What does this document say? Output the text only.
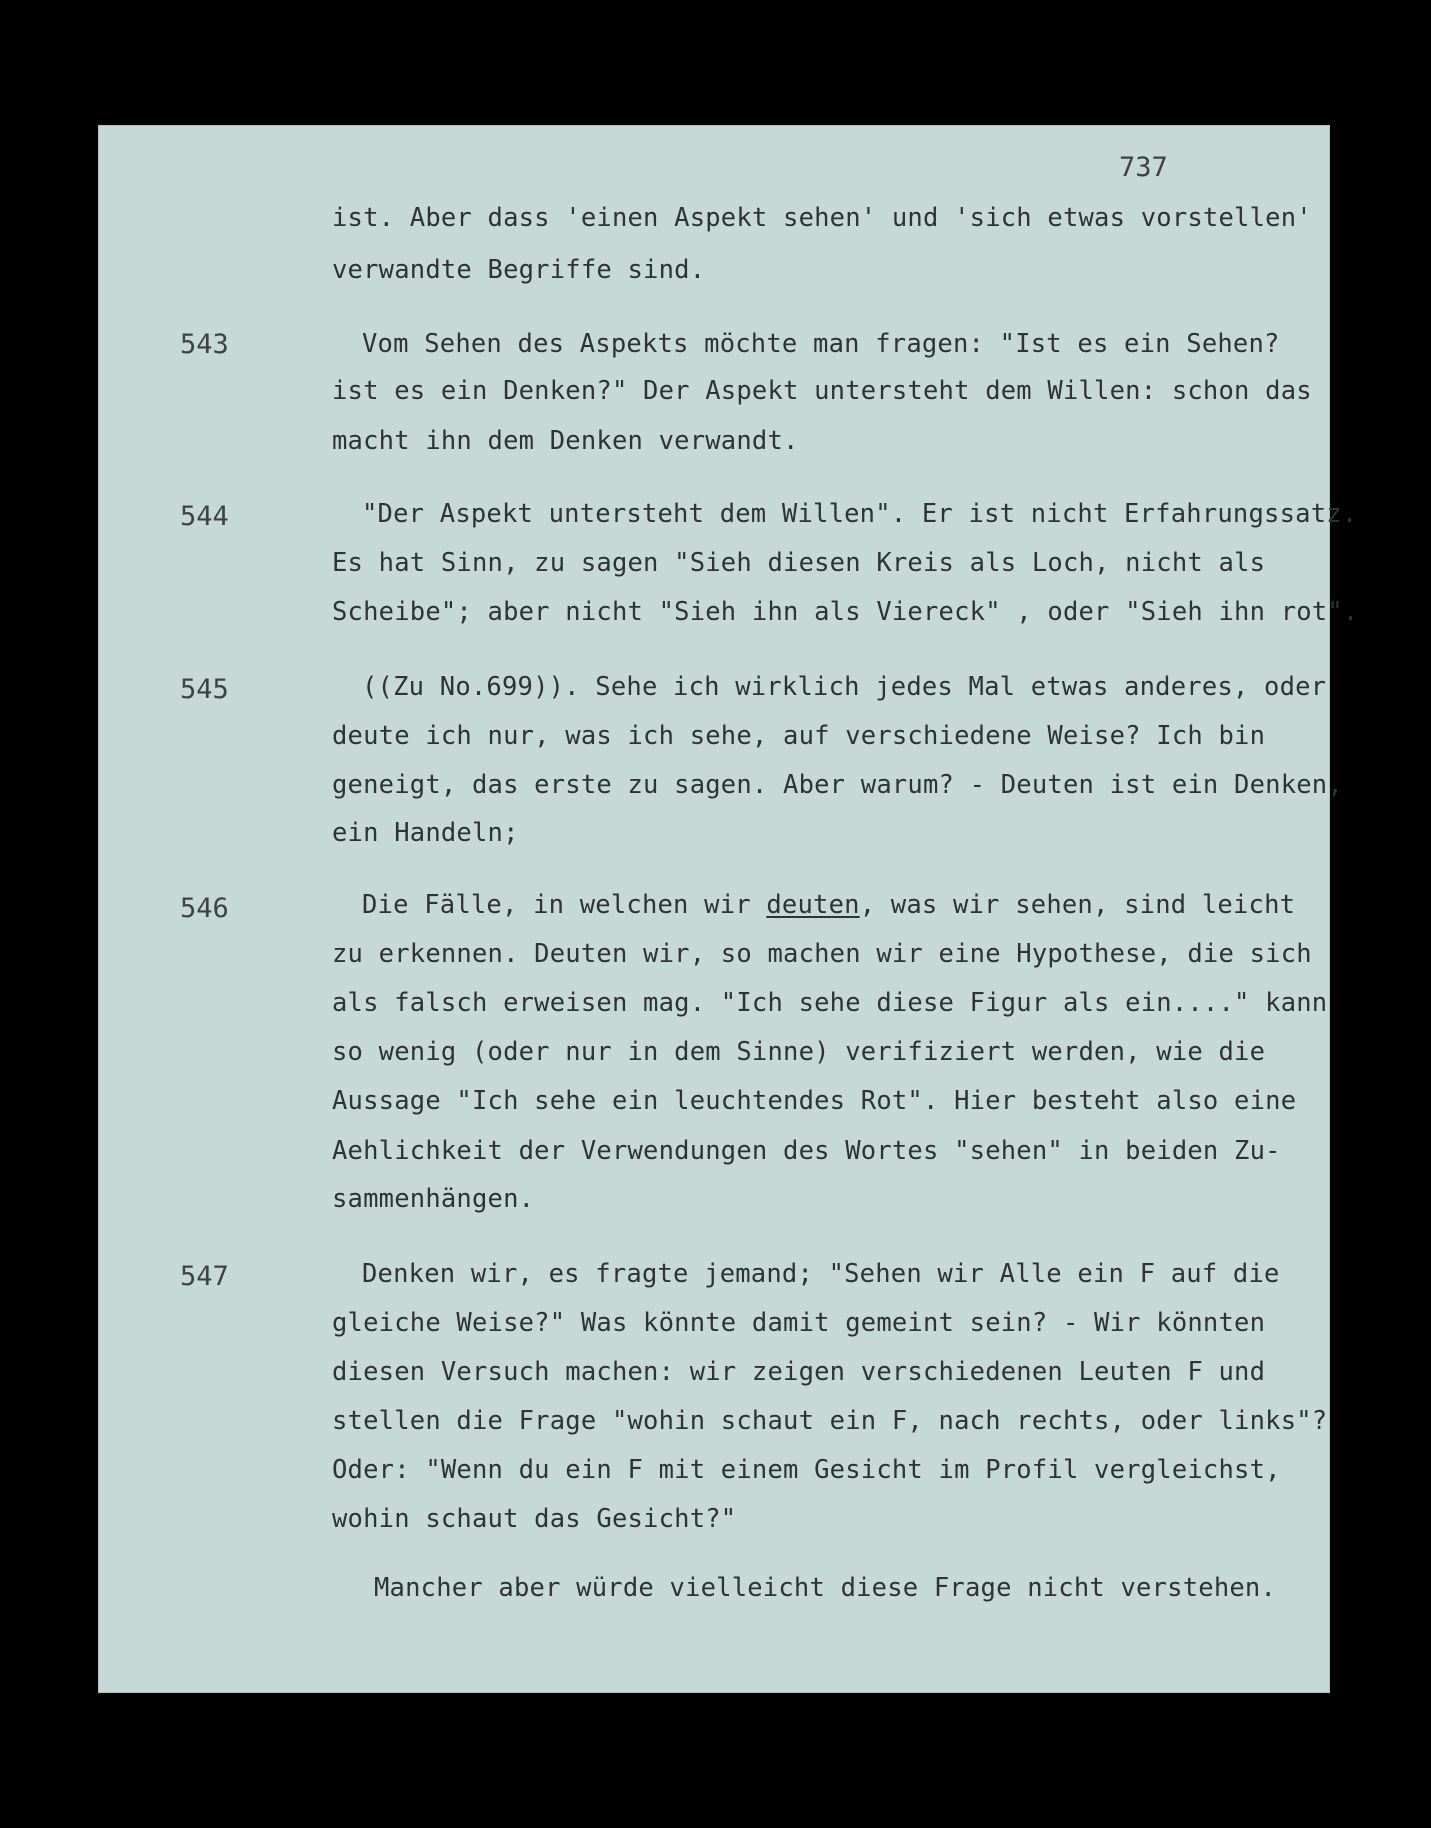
737
ist. Aber dass 'einen Aspekt sehen' und 'sich etwas vorstellen'
verwandte Begriffe sind.
543	Vom Sehen des Aspekts möchte man fragen: "Ist es ein Sehen?
ist es ein Denken?" Der Aspekt untersteht dem Willen: schon das
macht ihn dem Denken verwandt.
544	"Der Aspekt untersteht dem Willen". Er ist nicht Erfahrungssatz.
Es hat Sinn, zu sagen "Sieh diesen Kreis als Loch, nicht als
Scheibe"; aber nicht "Sieh ihn als Viereck" , oder "Sieh ihn rot".
545	((Zu No.699)). Sehe ich wirklich jedes Mal etwas anderes, oder
deute ich nur, was ich sehe, auf verschiedene Weise? Ich bin
geneigt, das erste zu sagen. Aber warum? - Deuten ist ein Denken,
ein Handeln;
546	Die Fälle, in welchen wir deuten, was wir sehen, sind leicht
zu erkennen. Deuten wir, so machen wir eine Hypothese, die sich
als falsch erweisen mag. "Ich sehe diese Figur als ein...." kann
so wenig (oder nur in dem Sinne) verifiziert werden, wie die
Aussage "Ich sehe ein leuchtendes Rot". Hier besteht also eine
Aehlichkeit der Verwendungen des Wortes "sehen" in beiden Zu-
sammenhängen.
547	Denken wir, es fragte jemand; "Sehen wir Alle ein F auf die
gleiche Weise?" Was könnte damit gemeint sein? - Wir könnten
diesen Versuch machen: wir zeigen verschiedenen Leuten F und
stellen die Frage "wohin schaut ein F, nach rechts, oder links"?
Oder: "Wenn du ein F mit einem Gesicht im Profil vergleichst,
wohin schaut das Gesicht?"
Mancher aber würde vielleicht diese Frage nicht verstehen.
